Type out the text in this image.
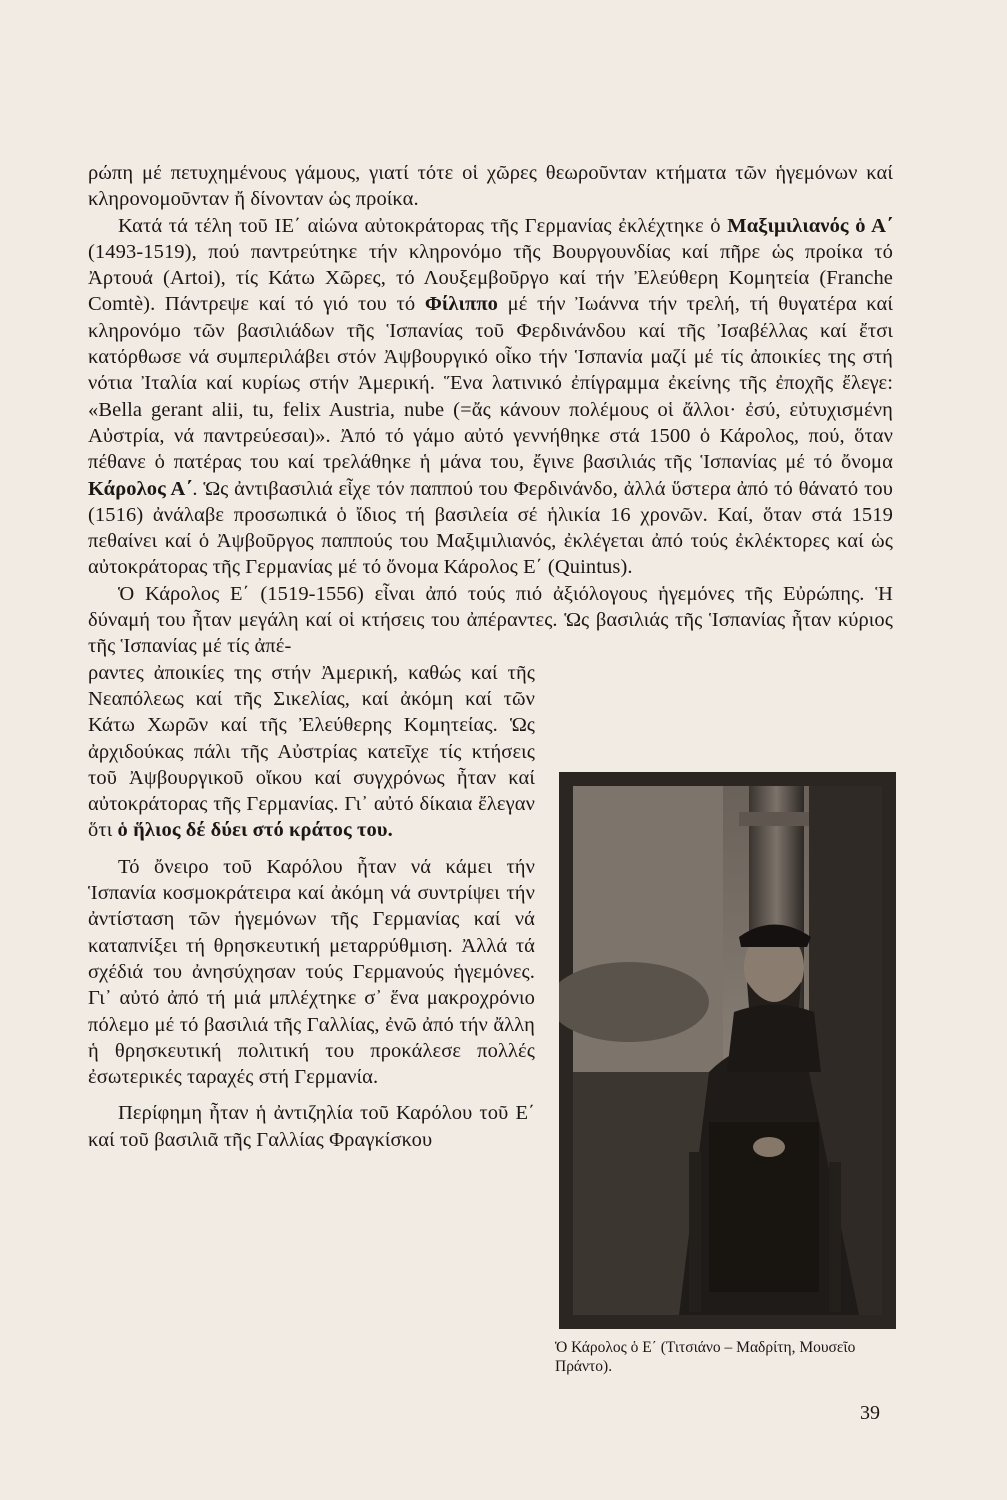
ρώπη μέ πετυχημένους γάμους, γιατί τότε οἱ χῶρες θεωροῦνταν κτήματα τῶν ἡγεμόνων καί κληρονομοῦνταν ἤ δίνονταν ὡς προίκα.

Κατά τά τέλη τοῦ ΙΕ΄ αἰώνα αὐτοκράτορας τῆς Γερμανίας ἐκλέχτηκε ὁ Μαξιμιλιανός ὁ Α΄ (1493-1519), πού παντρεύτηκε τήν κληρονόμο τῆς Βουργουνδίας καί πῆρε ὡς προίκα τό Ἀρτουά (Artoi), τίς Κάτω Χῶρες, τό Λουξεμβοῦργο καί τήν Ἐλεύθερη Κομητεία (Franche Comtè). Πάντρεψε καί τό γιό του τό Φίλιππο μέ τήν Ἰωάννα τήν τρελή, τή θυγατέρα καί κληρονόμο τῶν βασιλιάδων τῆς Ἱσπανίας τοῦ Φερδινάνδου καί τῆς Ἰσαβέλλας καί ἔτσι κατόρθωσε νά συμπεριλάβει στόν Ἀψβουργικό οἶκο τήν Ἱσπανία μαζί μέ τίς ἀποικίες της στή νότια Ἰταλία καί κυρίως στήν Ἀμερική. Ἕνα λατινικό ἐπίγραμμα ἐκείνης τῆς ἐποχῆς ἔλεγε: «Bella gerant alii, tu, felix Austria, nube (=ἄς κάνουν πολέμους οἱ ἄλλοι· ἐσύ, εὐτυχισμένη Αὐστρία, νά παντρεύεσαι)». Ἀπό τό γάμο αὐτό γεννήθηκε στά 1500 ὁ Κάρολος, πού, ὅταν πέθανε ὁ πατέρας του καί τρελάθηκε ἡ μάνα του, ἔγινε βασιλιάς τῆς Ἱσπανίας μέ τό ὄνομα Κάρολος Α΄. Ὡς ἀντιβασιλιά εἶχε τόν παππού του Φερδινάνδο, ἀλλά ὕστερα ἀπό τό θάνατό του (1516) ἀνάλαβε προσωπικά ὁ ἴδιος τή βασιλεία σέ ἡλικία 16 χρονῶν. Καί, ὅταν στά 1519 πεθαίνει καί ὁ Ἀψβοῦργος παππούς του Μαξιμιλιανός, ἐκλέγεται ἀπό τούς ἐκλέκτορες καί ὡς αὐτοκράτορας τῆς Γερμανίας μέ τό ὄνομα Κάρολος Ε΄ (Quintus).

Ὁ Κάρολος Ε΄ (1519-1556) εἶναι ἀπό τούς πιό ἀξιόλογους ἡγεμόνες τῆς Εὐρώπης. Ἡ δύναμή του ἦταν μεγάλη καί οἱ κτήσεις του ἀπέραντες. Ὡς βασιλιάς τῆς Ἱσπανίας ἦταν κύριος τῆς Ἱσπανίας μέ τίς ἀπέ-

ραντες ἀποικίες της στήν Ἀμερική, καθώς καί τῆς Νεαπόλεως καί τῆς Σικελίας, καί ἀκόμη καί τῶν Κάτω Χωρῶν καί τῆς Ἐλεύθερης Κομητείας. Ὡς ἀρχιδούκας πάλι τῆς Αὐστρίας κατεῖχε τίς κτήσεις τοῦ Ἀψβουργικοῦ οἴκου καί συγχρόνως ἦταν καί αὐτοκράτορας τῆς Γερμανίας. Γι᾿ αὐτό δίκαια ἔλεγαν ὅτι ὁ ἥλιος δέ δύει στό κράτος του.

Τό ὄνειρο τοῦ Καρόλου ἦταν νά κάμει τήν Ἱσπανία κοσμοκράτειρα καί ἀκόμη νά συντρίψει τήν ἀντίσταση τῶν ἡγεμόνων τῆς Γερμανίας καί νά καταπνίξει τή θρησκευτική μεταρρύθμιση. Ἀλλά τά σχέδιά του ἀνησύχησαν τούς Γερμανούς ἡγεμόνες. Γι᾿ αὐτό ἀπό τή μιά μπλέχτηκε σ᾿ ἕνα μακροχρόνιο πόλεμο μέ τό βασιλιά τῆς Γαλλίας, ἐνῶ ἀπό τήν ἄλλη ἡ θρησκευτική πολιτική του προκάλεσε πολλές ἐσωτερικές ταραχές στή Γερμανία.

Περίφημη ἦταν ἡ ἀντιζηλία τοῦ Καρόλου τοῦ Ε΄ καί τοῦ βασιλιᾶ τῆς Γαλλίας Φραγκίσκου

Ὁ Κάρολος ὁ Ε΄ (Τιτσιάνο – Μαδρίτη, Μουσεῖο Πράντο).
39
